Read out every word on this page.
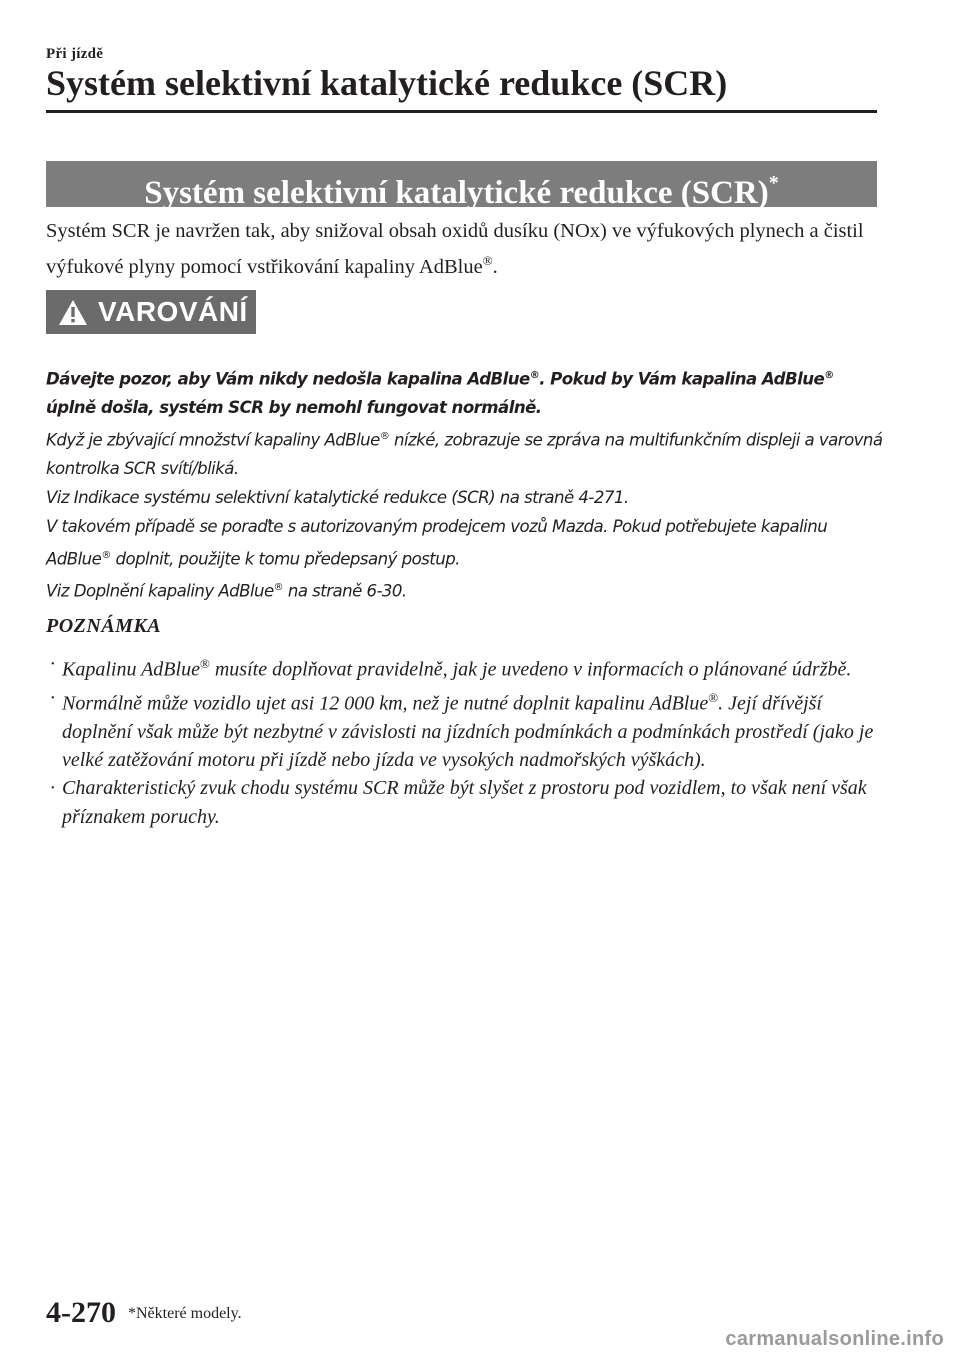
Při jízdě
Systém selektivní katalytické redukce (SCR)
Systém selektivní katalytické redukce (SCR)*
Systém SCR je navržen tak, aby snižoval obsah oxidů dusíku (NOx) ve výfukových plynech a čistil výfukové plyny pomocí vstřikování kapaliny AdBlue®.
VAROVÁNÍ

Dávejte pozor, aby Vám nikdy nedošla kapalina AdBlue®. Pokud by Vám kapalina AdBlue® úplně došla, systém SCR by nemohl fungovat normálně.

Když je zbývající množství kapaliny AdBlue® nízké, zobrazuje se zpráva na multifunkčním displeji a varovná kontrolka SCR svítí/bliká.

Viz Indikace systému selektivní katalytické redukce (SCR) na straně 4-271.

V takovém případě se poraďte s autorizovaným prodejcem vozů Mazda. Pokud potřebujete kapalinu AdBlue® doplnit, použijte k tomu předepsaný postup.

Viz Doplnění kapaliny AdBlue® na straně 6-30.

POZNÁMKA
· Kapalinu AdBlue® musíte doplňovat pravidelně, jak je uvedeno v informacích o plánované údržbě.
· Normálně může vozidlo ujet asi 12 000 km, než je nutné doplnit kapalinu AdBlue®. Její dřívější doplnění však může být nezbytné v závislosti na jízdních podmínkách a podmínkách prostředí (jako je velké zatěžování motoru při jízdě nebo jízda ve vysokých nadmořských výškách).
· Charakteristický zvuk chodu systému SCR může být slyšet z prostoru pod vozidlem, to však není však příznakem poruchy.
4-270 *Některé modely.
carmanualsonline.info
